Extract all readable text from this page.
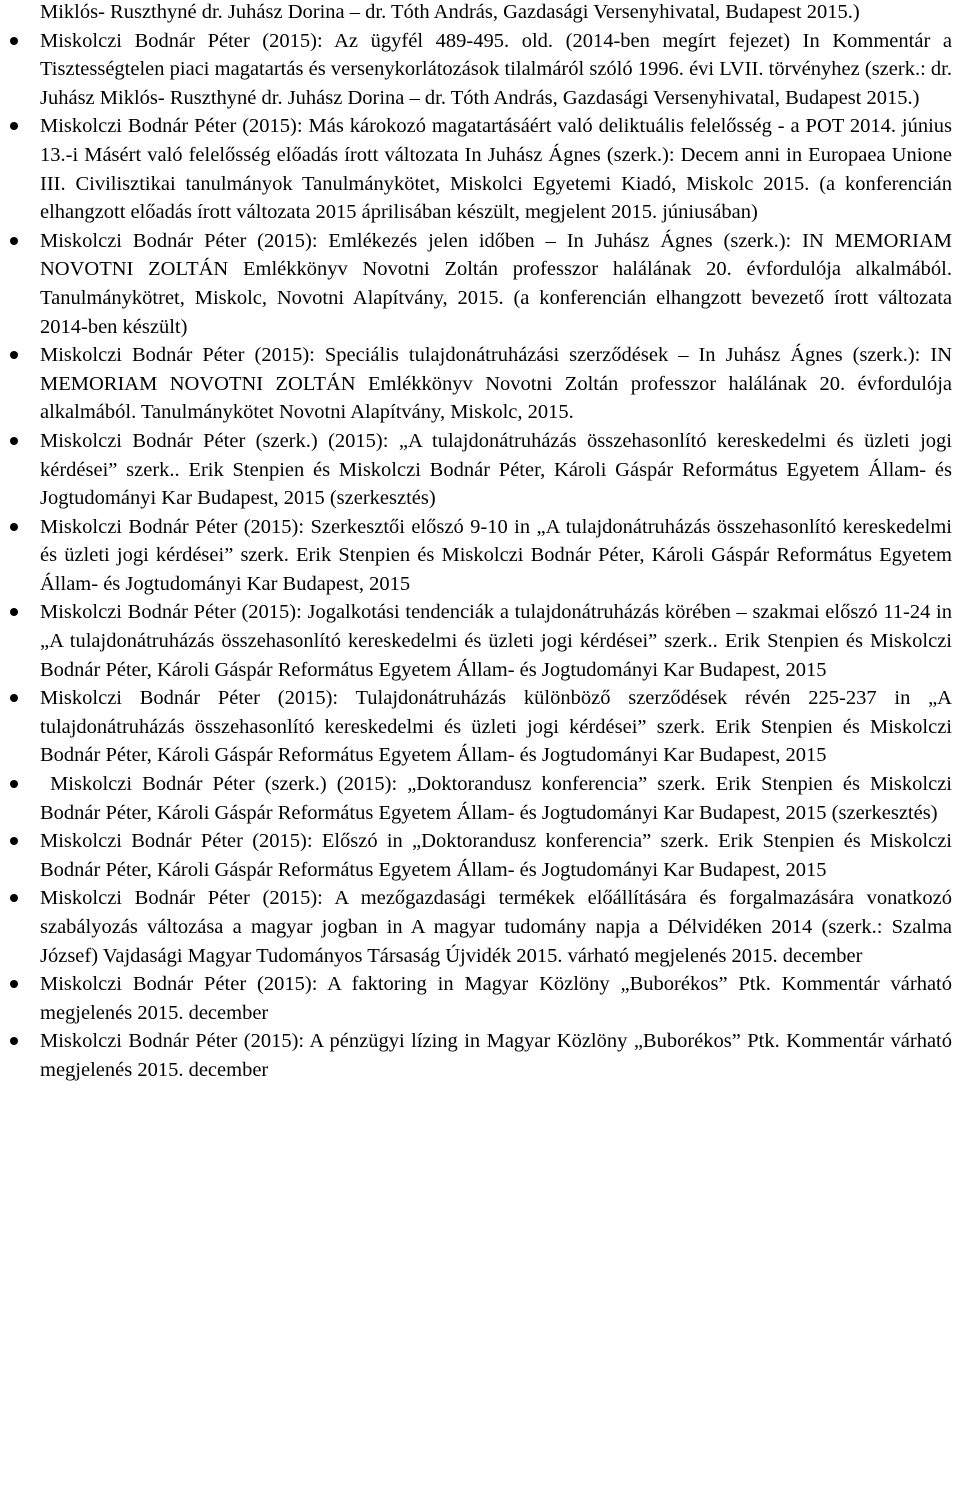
Miklós- Ruszthyné dr. Juhász Dorina – dr. Tóth András, Gazdasági Versenyhivatal, Budapest 2015.)

Miskolczi Bodnár Péter (2015): Az ügyfél 489-495. old. (2014-ben megírt fejezet) In Kommentár a Tisztességtelen piaci magatartás és versenykorlátozások tilalmáról szóló 1996. évi LVII. törvényhez (szerk.: dr. Juhász Miklós- Ruszthyné dr. Juhász Dorina – dr. Tóth András, Gazdasági Versenyhivatal, Budapest 2015.)
Miskolczi Bodnár Péter (2015): Más károkozó magatartásáért való deliktuális felelősség - a POT 2014. június 13.-i Másért való felelősség előadás írott változata In Juhász Ágnes (szerk.): Decem anni in Europaea Unione III. Civilisztikai tanulmányok Tanulmánykötet, Miskolci Egyetemi Kiadó, Miskolc 2015. (a konferencián elhangzott előadás írott változata 2015 áprilisában készült, megjelent 2015. júniusában)
Miskolczi Bodnár Péter (2015): Emlékezés jelen időben – In Juhász Ágnes (szerk.): IN MEMORIAM NOVOTNI ZOLTÁN Emlékkönyv Novotni Zoltán professzor halálának 20. évfordulója alkalmából. Tanulmánykötret, Miskolc, Novotni Alapítvány, 2015. (a konferencián elhangzott bevezető írott változata 2014-ben készült)
Miskolczi Bodnár Péter (2015): Speciális tulajdonátruházási szerződések – In Juhász Ágnes (szerk.): IN MEMORIAM NOVOTNI ZOLTÁN Emlékkönyv Novotni Zoltán professzor halálának 20. évfordulója alkalmából. Tanulmánykötet Novotni Alapítvány, Miskolc, 2015.
Miskolczi Bodnár Péter (szerk.) (2015): „A tulajdonátruházás összehasonlító kereskedelmi és üzleti jogi kérdései” szerk.. Erik Stenpien és Miskolczi Bodnár Péter, Károli Gáspár Református Egyetem Állam- és Jogtudományi Kar Budapest, 2015 (szerkesztés)
Miskolczi Bodnár Péter (2015): Szerkesztői előszó 9-10 in „A tulajdonátruházás összehasonlító kereskedelmi és üzleti jogi kérdései” szerk. Erik Stenpien és Miskolczi Bodnár Péter, Károli Gáspár Református Egyetem Állam- és Jogtudományi Kar Budapest, 2015
Miskolczi Bodnár Péter (2015): Jogalkotási tendenciák a tulajdonátruházás körében – szakmai előszó 11-24 in „A tulajdonátruházás összehasonlító kereskedelmi és üzleti jogi kérdései” szerk.. Erik Stenpien és Miskolczi Bodnár Péter, Károli Gáspár Református Egyetem Állam- és Jogtudományi Kar Budapest, 2015
Miskolczi Bodnár Péter (2015): Tulajdonátruházás különböző szerződések révén 225-237 in „A tulajdonátruházás összehasonlító kereskedelmi és üzleti jogi kérdései” szerk. Erik Stenpien és Miskolczi Bodnár Péter, Károli Gáspár Református Egyetem Állam- és Jogtudományi Kar Budapest, 2015
Miskolczi Bodnár Péter (szerk.) (2015): „Doktorandusz konferencia” szerk. Erik Stenpien és Miskolczi Bodnár Péter, Károli Gáspár Református Egyetem Állam- és Jogtudományi Kar Budapest, 2015 (szerkesztés)
Miskolczi Bodnár Péter (2015): Előszó in „Doktorandusz konferencia” szerk. Erik Stenpien és Miskolczi Bodnár Péter, Károli Gáspár Református Egyetem Állam- és Jogtudományi Kar Budapest, 2015
Miskolczi Bodnár Péter (2015): A mezőgazdasági termékek előállítására és forgalmazására vonatkozó szabályozás változása a magyar jogban in A magyar tudomány napja a Délvidéken 2014 (szerk.: Szalma József) Vajdasági Magyar Tudományos Társaság Újvidék 2015. várható megjelenés 2015. december
Miskolczi Bodnár Péter (2015): A faktoring in Magyar Közlöny „Buborékos” Ptk. Kommentár várható megjelenés 2015. december
Miskolczi Bodnár Péter (2015): A pénzügyi lízing in Magyar Közlöny „Buborékos” Ptk. Kommentár várható megjelenés 2015. december
